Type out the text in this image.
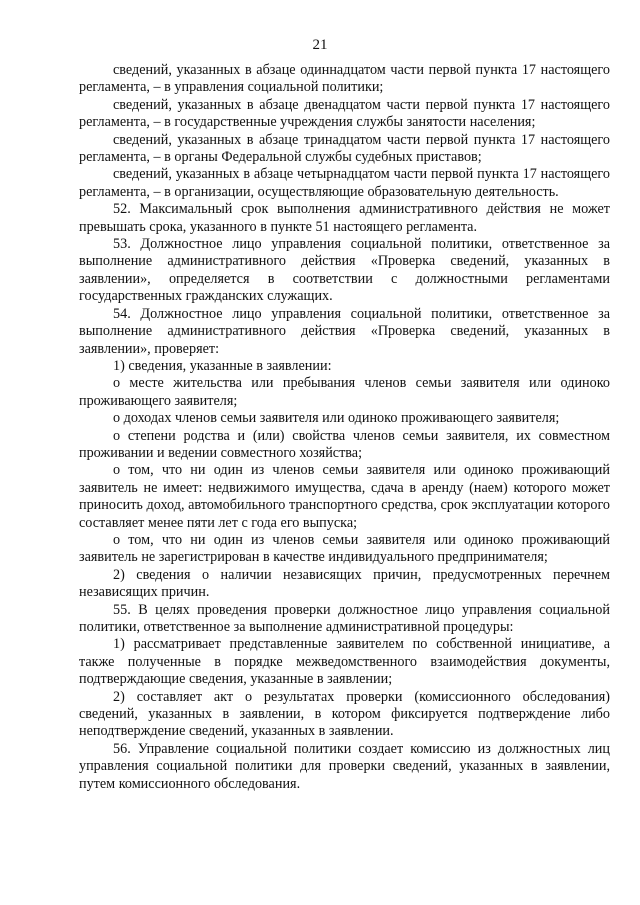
21

сведений, указанных в абзаце одиннадцатом части первой пункта 17 настоящего регламента, – в управления социальной политики;

сведений, указанных в абзаце двенадцатом части первой пункта 17 настоящего регламента, – в государственные учреждения службы занятости населения;

сведений, указанных в абзаце тринадцатом части первой пункта 17 настоящего регламента, – в органы Федеральной службы судебных приставов;

сведений, указанных в абзаце четырнадцатом части первой пункта 17 настоящего регламента, – в организации, осуществляющие образовательную деятельность.

52. Максимальный срок выполнения административного действия не может превышать срока, указанного в пункте 51 настоящего регламента.

53. Должностное лицо управления социальной политики, ответственное за выполнение административного действия «Проверка сведений, указанных в заявлении», определяется в соответствии с должностными регламентами государственных гражданских служащих.

54. Должностное лицо управления социальной политики, ответственное за выполнение административного действия «Проверка сведений, указанных в заявлении», проверяет:

1) сведения, указанные в заявлении:

о месте жительства или пребывания членов семьи заявителя или одиноко проживающего заявителя;

о доходах членов семьи заявителя или одиноко проживающего заявителя;

о степени родства и (или) свойства членов семьи заявителя, их совместном проживании и ведении совместного хозяйства;

о том, что ни один из членов семьи заявителя или одиноко проживающий заявитель не имеет: недвижимого имущества, сдача в аренду (наем) которого может приносить доход, автомобильного транспортного средства, срок эксплуатации которого составляет менее пяти лет с года его выпуска;

о том, что ни один из членов семьи заявителя или одиноко проживающий заявитель не зарегистрирован в качестве индивидуального предпринимателя;

2) сведения о наличии независящих причин, предусмотренных перечнем независящих причин.

55. В целях проведения проверки должностное лицо управления социальной политики, ответственное за выполнение административной процедуры:

1) рассматривает представленные заявителем по собственной инициативе, а также полученные в порядке межведомственного взаимодействия документы, подтверждающие сведения, указанные в заявлении;

2) составляет акт о результатах проверки (комиссионного обследования) сведений, указанных в заявлении, в котором фиксируется подтверждение либо неподтверждение сведений, указанных в заявлении.

56. Управление социальной политики создает комиссию из должностных лиц управления социальной политики для проверки сведений, указанных в заявлении, путем комиссионного обследования.
